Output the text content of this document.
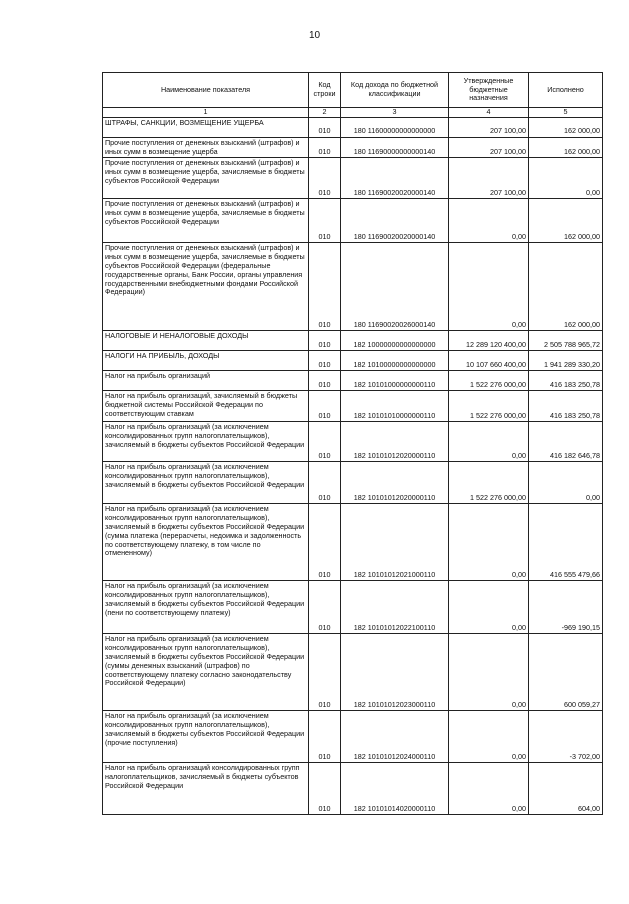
10
Наименование показателя	Код строки	Код дохода по бюджетной классификации	Утвержденные бюджетные назначения	Исполнено
1	2	3	4	5
ШТРАФЫ, САНКЦИИ, ВОЗМЕЩЕНИЕ УЩЕРБА	010	180 11600000000000000	207 100,00	162 000,00
Прочие поступления от денежных взысканий (штрафов) и иных сумм в возмещение ущерба	010	180 11690000000000140	207 100,00	162 000,00
Прочие поступления от денежных взысканий (штрафов) и иных сумм в возмещение ущерба, зачисляемые в бюджеты субъектов Российской Федерации	010	180 11690020020000140	207 100,00	0,00
Прочие поступления от денежных взысканий (штрафов) и иных сумм в возмещение ущерба, зачисляемые в бюджеты субъектов Российской Федерации	010	180 11690020020000140	0,00	162 000,00
Прочие поступления от денежных взысканий (штрафов) и иных сумм в возмещение ущерба, зачисляемые в бюджеты субъектов Российской Федерации (федеральные государственные органы, Банк России, органы управления государственными внебюджетными фондами Российской Федерации)	010	180 11690020026000140	0,00	162 000,00
НАЛОГОВЫЕ И НЕНАЛОГОВЫЕ ДОХОДЫ	010	182 10000000000000000	12 289 120 400,00	2 505 788 965,72
НАЛОГИ НА ПРИБЫЛЬ, ДОХОДЫ	010	182 10100000000000000	10 107 660 400,00	1 941 289 330,20
Налог на прибыль организаций	010	182 10101000000000110	1 522 276 000,00	416 183 250,78
Налог на прибыль организаций, зачисляемый в бюджеты бюджетной системы Российской Федерации по соответствующим ставкам	010	182 10101010000000110	1 522 276 000,00	416 183 250,78
Налог на прибыль организаций (за исключением консолидированных групп налогоплательщиков), зачисляемый в бюджеты субъектов Российской Федерации	010	182 10101012020000110	0,00	416 182 646,78
Налог на прибыль организаций (за исключением консолидированных групп налогоплательщиков), зачисляемый в бюджеты субъектов Российской Федерации	010	182 10101012020000110	1 522 276 000,00	0,00
Налог на прибыль организаций (за исключением консолидированных групп налогоплательщиков), зачисляемый в бюджеты субъектов Российской Федерации (сумма платежа (перерасчеты, недоимка и задолженность по соответствующему платежу, в том числе по отмененному)	010	182 10101012021000110	0,00	416 555 479,66
Налог на прибыль организаций (за исключением консолидированных групп налогоплательщиков), зачисляемый в бюджеты субъектов Российской Федерации (пени по соответствующему платежу)	010	182 10101012022100110	0,00	-969 190,15
Налог на прибыль организаций (за исключением консолидированных групп налогоплательщиков), зачисляемый в бюджеты субъектов Российской Федерации (суммы денежных взысканий (штрафов) по соответствующему платежу согласно законодательству Российской Федерации)	010	182 10101012023000110	0,00	600 059,27
Налог на прибыль организаций (за исключением консолидированных групп налогоплательщиков), зачисляемый в бюджеты субъектов Российской Федерации (прочие поступления)	010	182 10101012024000110	0,00	-3 702,00
Налог на прибыль организаций консолидированных групп налогоплательщиков, зачисляемый в бюджеты субъектов Российской Федерации	010	182 10101014020000110	0,00	604,00
